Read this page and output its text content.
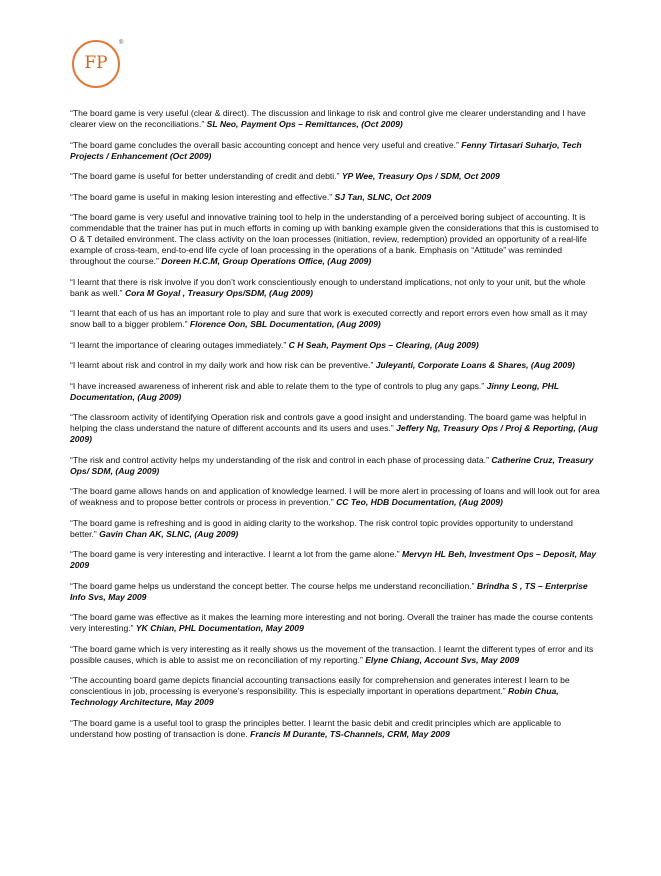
FP
®

“The board game is very useful (clear & direct). The discussion and linkage to risk and control give me clearer understanding and I have clearer view on the reconciliations.” SL Neo, Payment Ops – Remittances, (Oct 2009)

“The board game concludes the overall basic accounting concept and hence very useful and creative.” Fenny Tirtasari Suharjo, Tech Projects / Enhancement (Oct 2009)

“The board game is useful for better understanding of credit and debti.” YP Wee, Treasury Ops / SDM, Oct 2009

“The board game is useful in making lesion interesting and effective.” SJ Tan, SLNC, Oct 2009

“The board game is very useful and innovative training tool to help in the understanding of a perceived boring subject of accounting. It is commendable that the trainer has put in much efforts in coming up with banking example given the considerations that this is customised to O & T detailed environment. The class activity on the loan processes (initiation, review, redemption) provided an opportunity of a real-life example of cross-team, end-to-end life cycle of loan processing in the operations of a bank. Emphasis on “Attitude” was reminded throughout the course.” Doreen H.C.M, Group Operations Office, (Aug 2009)

“I learnt that there is risk involve if you don’t work conscientiously enough to understand implications, not only to your unit, but the whole bank as well.” Cora M Goyal , Treasury Ops/SDM, (Aug 2009)

“I learnt that each of us has an important role to play and sure that work is executed correctly and report errors even how small as it may snow ball to a bigger problem.” Florence Oon, SBL Documentation, (Aug 2009)

“I learnt the importance of clearing outages immediately.” C H Seah, Payment Ops – Clearing, (Aug 2009)

“I learnt about risk and control in my daily work and how risk can be preventive.” Juleyanti, Corporate Loans & Shares, (Aug 2009)

“I have increased awareness of inherent risk and able to relate them to the type of controls to plug any gaps.” Jinny Leong, PHL Documentation, (Aug 2009)

“The classroom activity of identifying Operation risk and controls gave a good insight and understanding. The board game was helpful in helping the class understand the nature of different accounts and its users and uses.” Jeffery Ng, Treasury Ops / Proj & Reporting, (Aug 2009)

“The risk and control activity helps my understanding of the risk and control in each phase of processing data.” Catherine Cruz, Treasury Ops/ SDM, (Aug 2009)

“The board game allows hands on and application of knowledge learned. I will be more alert in processing of loans and will look out for area of weakness and to propose better controls or process in prevention.” CC Teo, HDB Documentation, (Aug 2009)

“The board game is refreshing and is good in aiding clarity to the workshop. The risk control topic provides opportunity to understand better.” Gavin Chan AK, SLNC, (Aug 2009)

“The board game is very interesting and interactive. I learnt a lot from the game alone.” Mervyn HL Beh, Investment Ops – Deposit, May 2009

“The board game helps us understand the concept better. The course helps me understand reconciliation.” Brindha S , TS – Enterprise Info Svs, May 2009

“The board game was effective as it makes the learning more interesting and not boring. Overall the trainer has made the course contents very interesting.” YK Chian, PHL Documentation, May 2009

“The board game which is very interesting as it really shows us the movement of the transaction. I learnt the different types of error and its possible causes, which is able to assist me on reconciliation of my reporting.” Elyne Chiang, Account Svs, May 2009

“The accounting board game depicts financial accounting transactions easily for comprehension and generates interest I learn to be conscientious in job, processing is everyone’s responsibility. This is especially important in operations department.” Robin Chua, Technology Architecture, May 2009

“The board game is a useful tool to grasp the principles better. I learnt the basic debit and credit principles which are applicable to understand how posting of transaction is done. Francis M Durante, TS-Channels, CRM, May 2009
